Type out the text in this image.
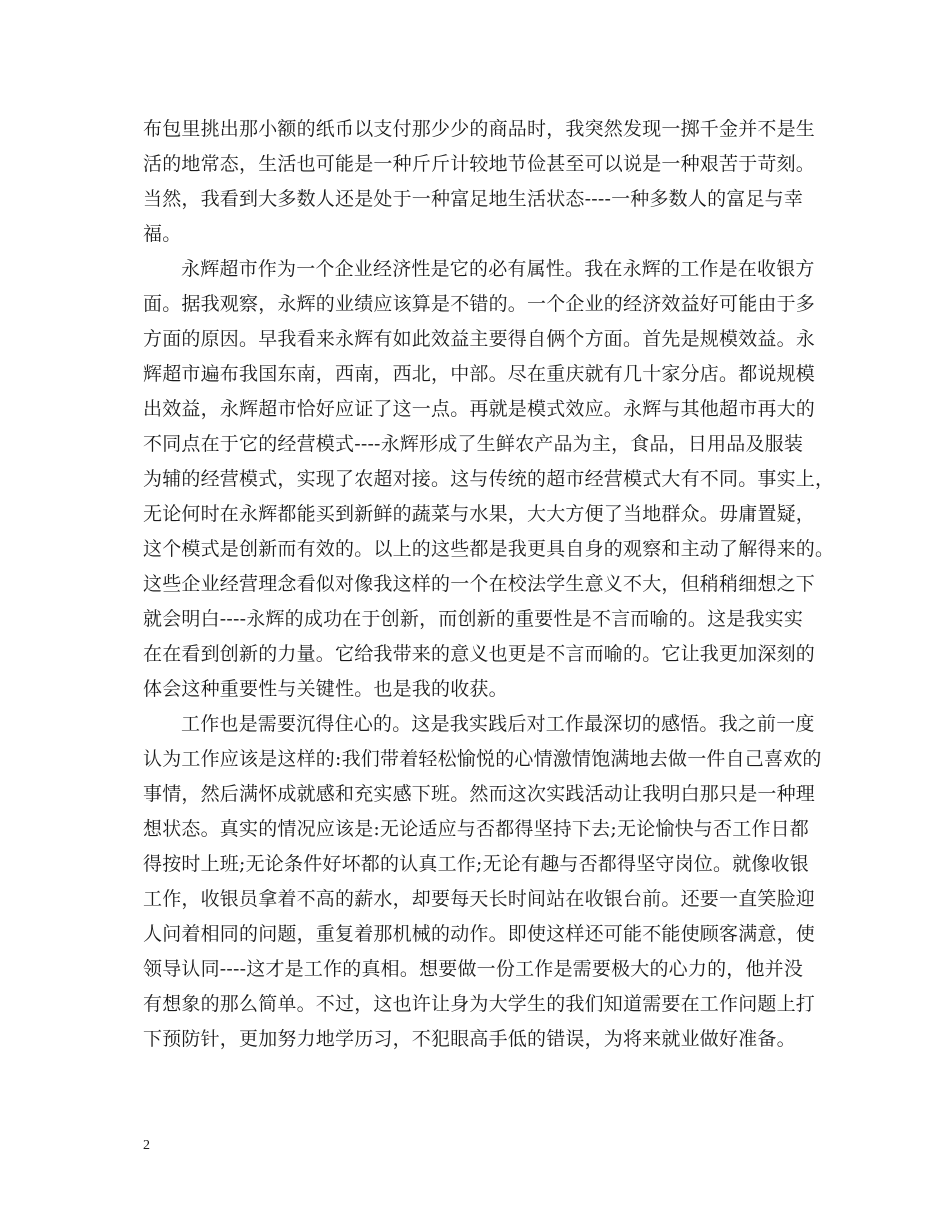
布包里挑出那小额的纸币以支付那少少的商品时，我突然发现一掷千金并不是生
活的地常态，生活也可能是一种斤斤计较地节俭甚至可以说是一种艰苦于苛刻。
当然，我看到大多数人还是处于一种富足地生活状态----一种多数人的富足与幸
福。
永辉超市作为一个企业经济性是它的必有属性。我在永辉的工作是在收银方
面。据我观察，永辉的业绩应该算是不错的。一个企业的经济效益好可能由于多
方面的原因。早我看来永辉有如此效益主要得自俩个方面。首先是规模效益。永
辉超市遍布我国东南，西南，西北，中部。尽在重庆就有几十家分店。都说规模
出效益，永辉超市恰好应证了这一点。再就是模式效应。永辉与其他超市再大的
不同点在于它的经营模式----永辉形成了生鲜农产品为主，食品，日用品及服装
为辅的经营模式，实现了农超对接。这与传统的超市经营模式大有不同。事实上，
无论何时在永辉都能买到新鲜的蔬菜与水果，大大方便了当地群众。毋庸置疑，
这个模式是创新而有效的。以上的这些都是我更具自身的观察和主动了解得来的。
这些企业经营理念看似对像我这样的一个在校法学生意义不大，但稍稍细想之下
就会明白----永辉的成功在于创新，而创新的重要性是不言而喻的。这是我实实
在在看到创新的力量。它给我带来的意义也更是不言而喻的。它让我更加深刻的
体会这种重要性与关键性。也是我的收获。
工作也是需要沉得住心的。这是我实践后对工作最深切的感悟。我之前一度
认为工作应该是这样的:我们带着轻松愉悦的心情激情饱满地去做一件自己喜欢的
事情，然后满怀成就感和充实感下班。然而这次实践活动让我明白那只是一种理
想状态。真实的情况应该是:无论适应与否都得坚持下去;无论愉快与否工作日都
得按时上班;无论条件好坏都的认真工作;无论有趣与否都得坚守岗位。就像收银
工作，收银员拿着不高的薪水，却要每天长时间站在收银台前。还要一直笑脸迎
人问着相同的问题，重复着那机械的动作。即使这样还可能不能使顾客满意，使
领导认同----这才是工作的真相。想要做一份工作是需要极大的心力的，他并没
有想象的那么简单。不过，这也许让身为大学生的我们知道需要在工作问题上打
下预防针，更加努力地学历习，不犯眼高手低的错误，为将来就业做好准备。
2
